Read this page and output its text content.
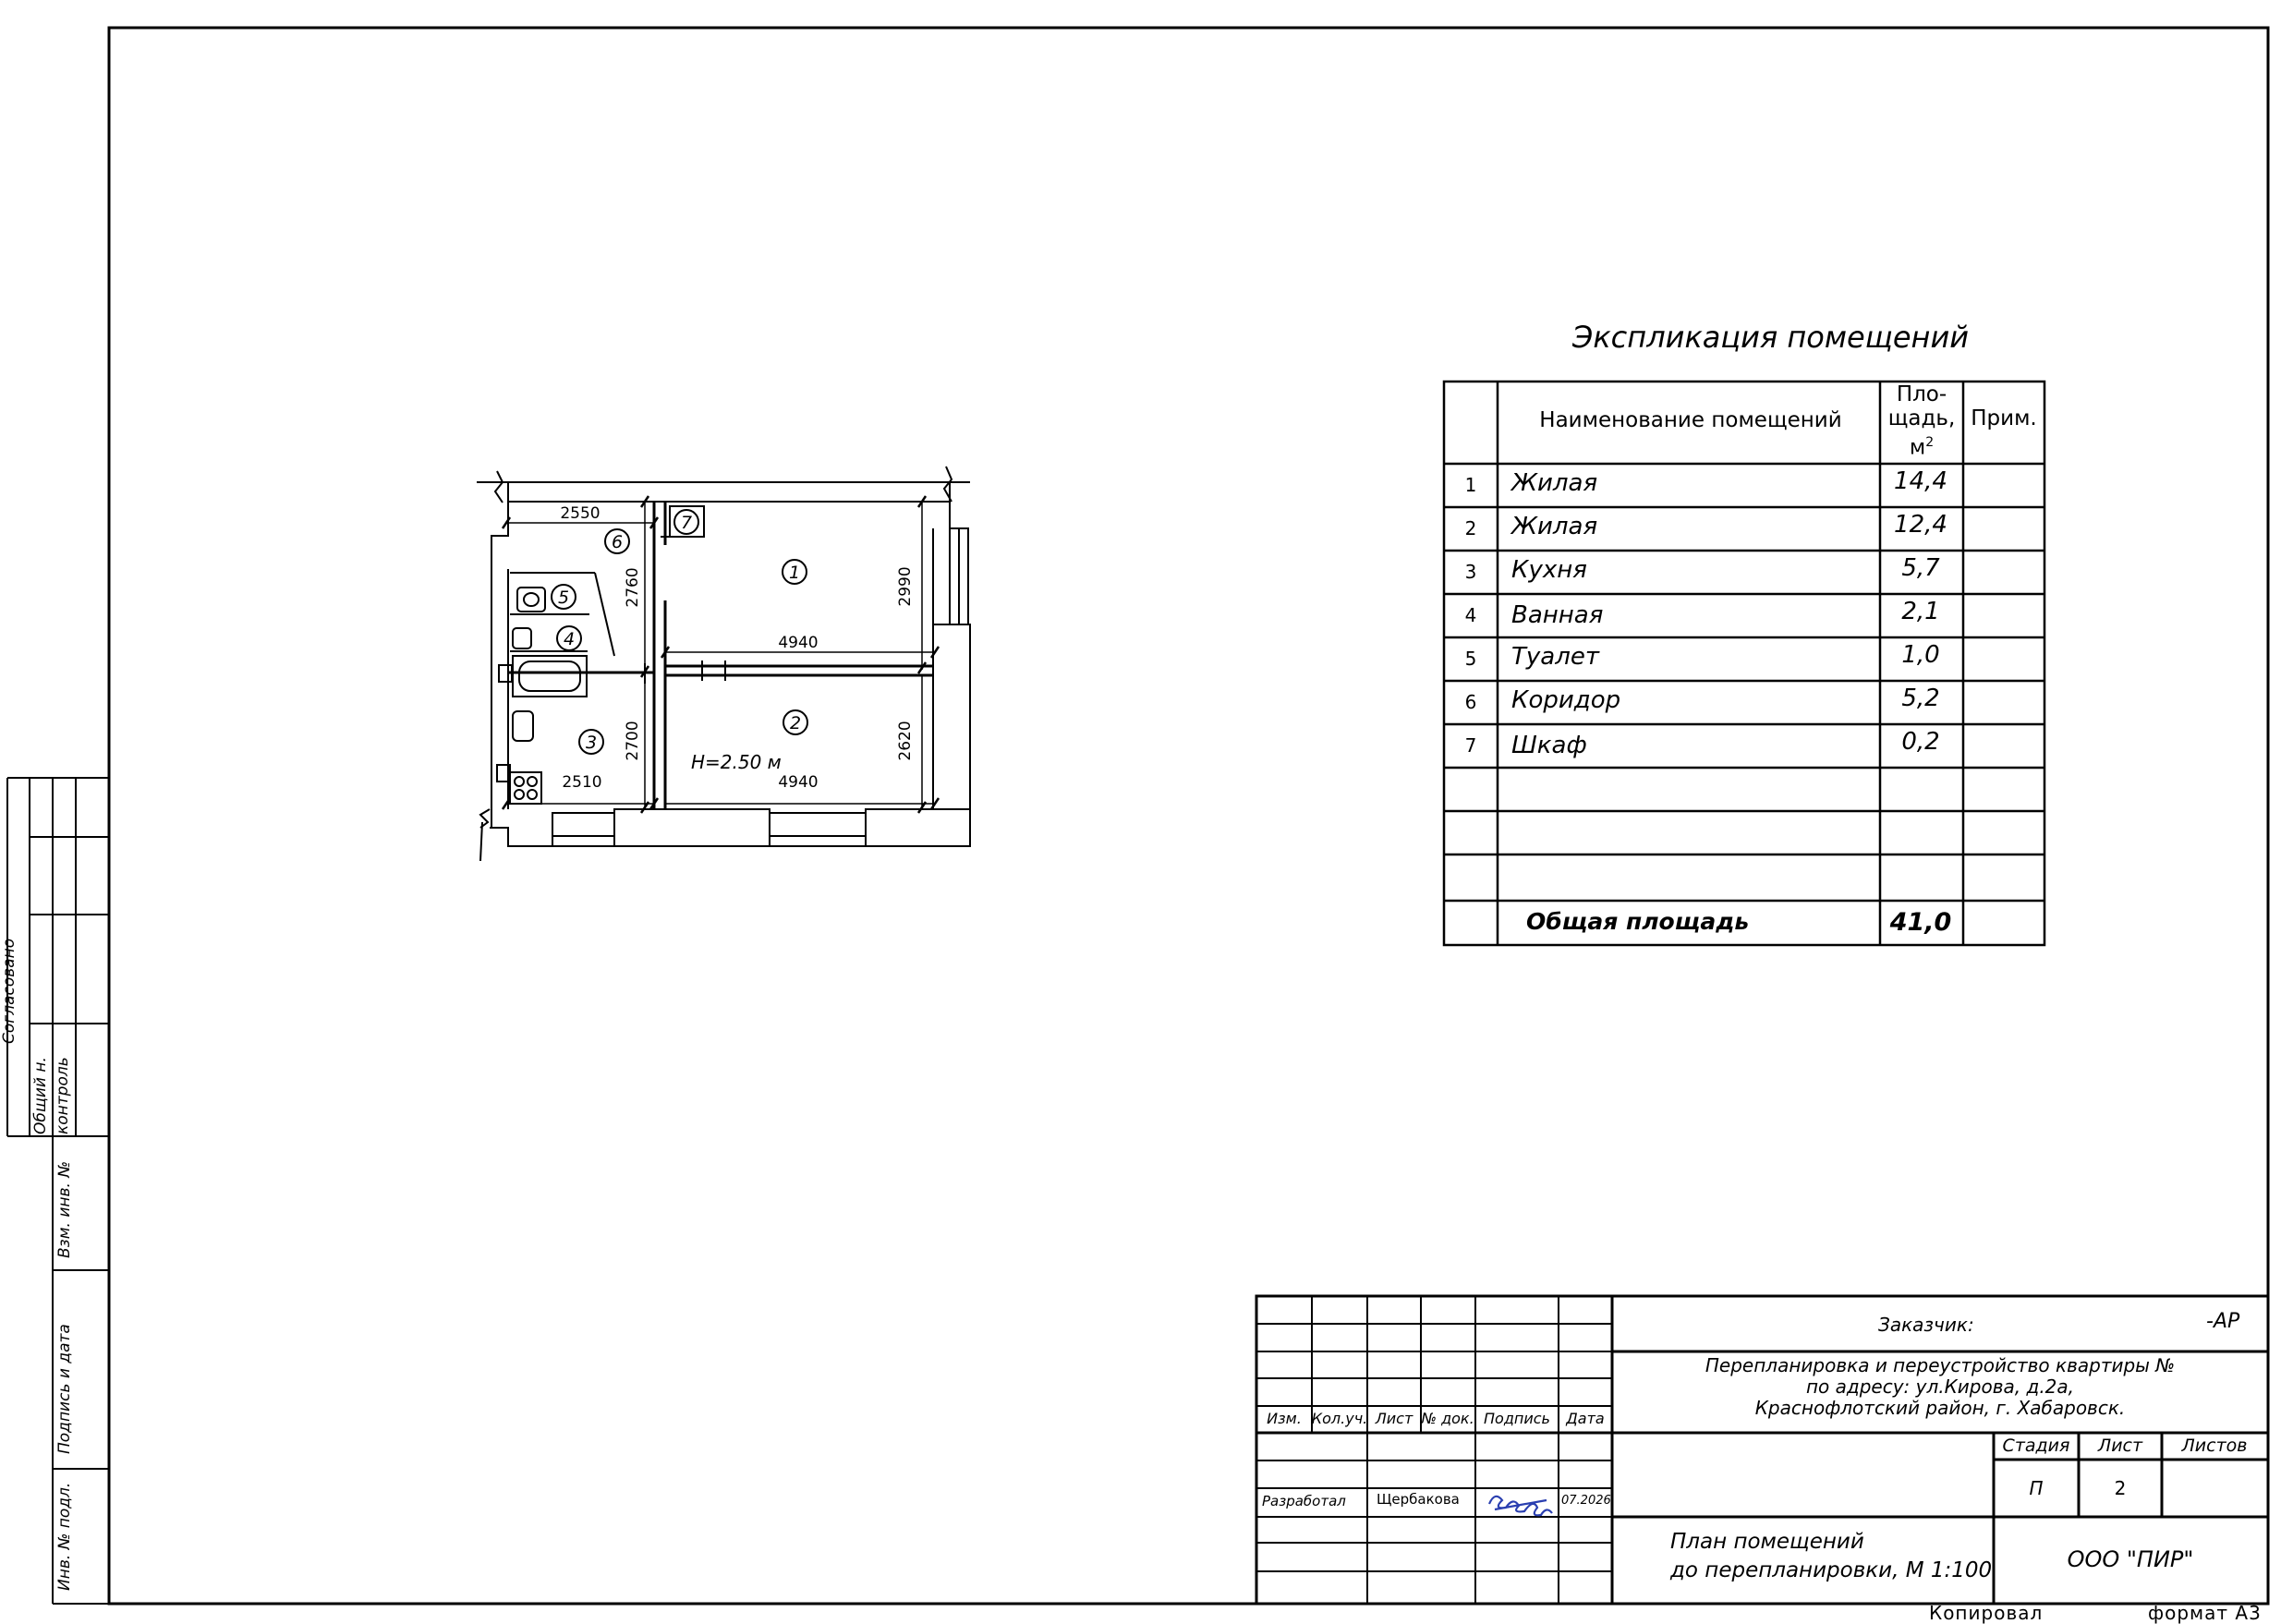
1
2
3
4
5
6
7
2550
4940
2510	4940
2760	2990
2700	2620
H=2.50 м
Экспликация помещений
Наименование помещений
Пло-
щадь,
$м^2$
Прим.
1 Жилая	14,4
2 Жилая	12,4
3 Кухня	5,7
4 Ванная	2,1
5 Туалет	1,0
6 Коридор	5,2
7 Шкаф	0,2
Общая площадь	41,0
Заказчик:	-АР
Перепланировка и переустройство квартиры №
по адресу: ул.Кирова, д.2а,
Краснофлотский район, г. Хабаровск.
Изм. Кол.уч. Лист № док. Подпись Дата
Разработал Щербакова	07.2026
Стадия Лист Листов
П	2
План помещений
до перепланировки, М 1:100	ООО "ПИР"
Согласовано
Общий н. контроль
Взм. инв. №
Подпись и дата
Инв. № подл.
Копировал	формат А3
